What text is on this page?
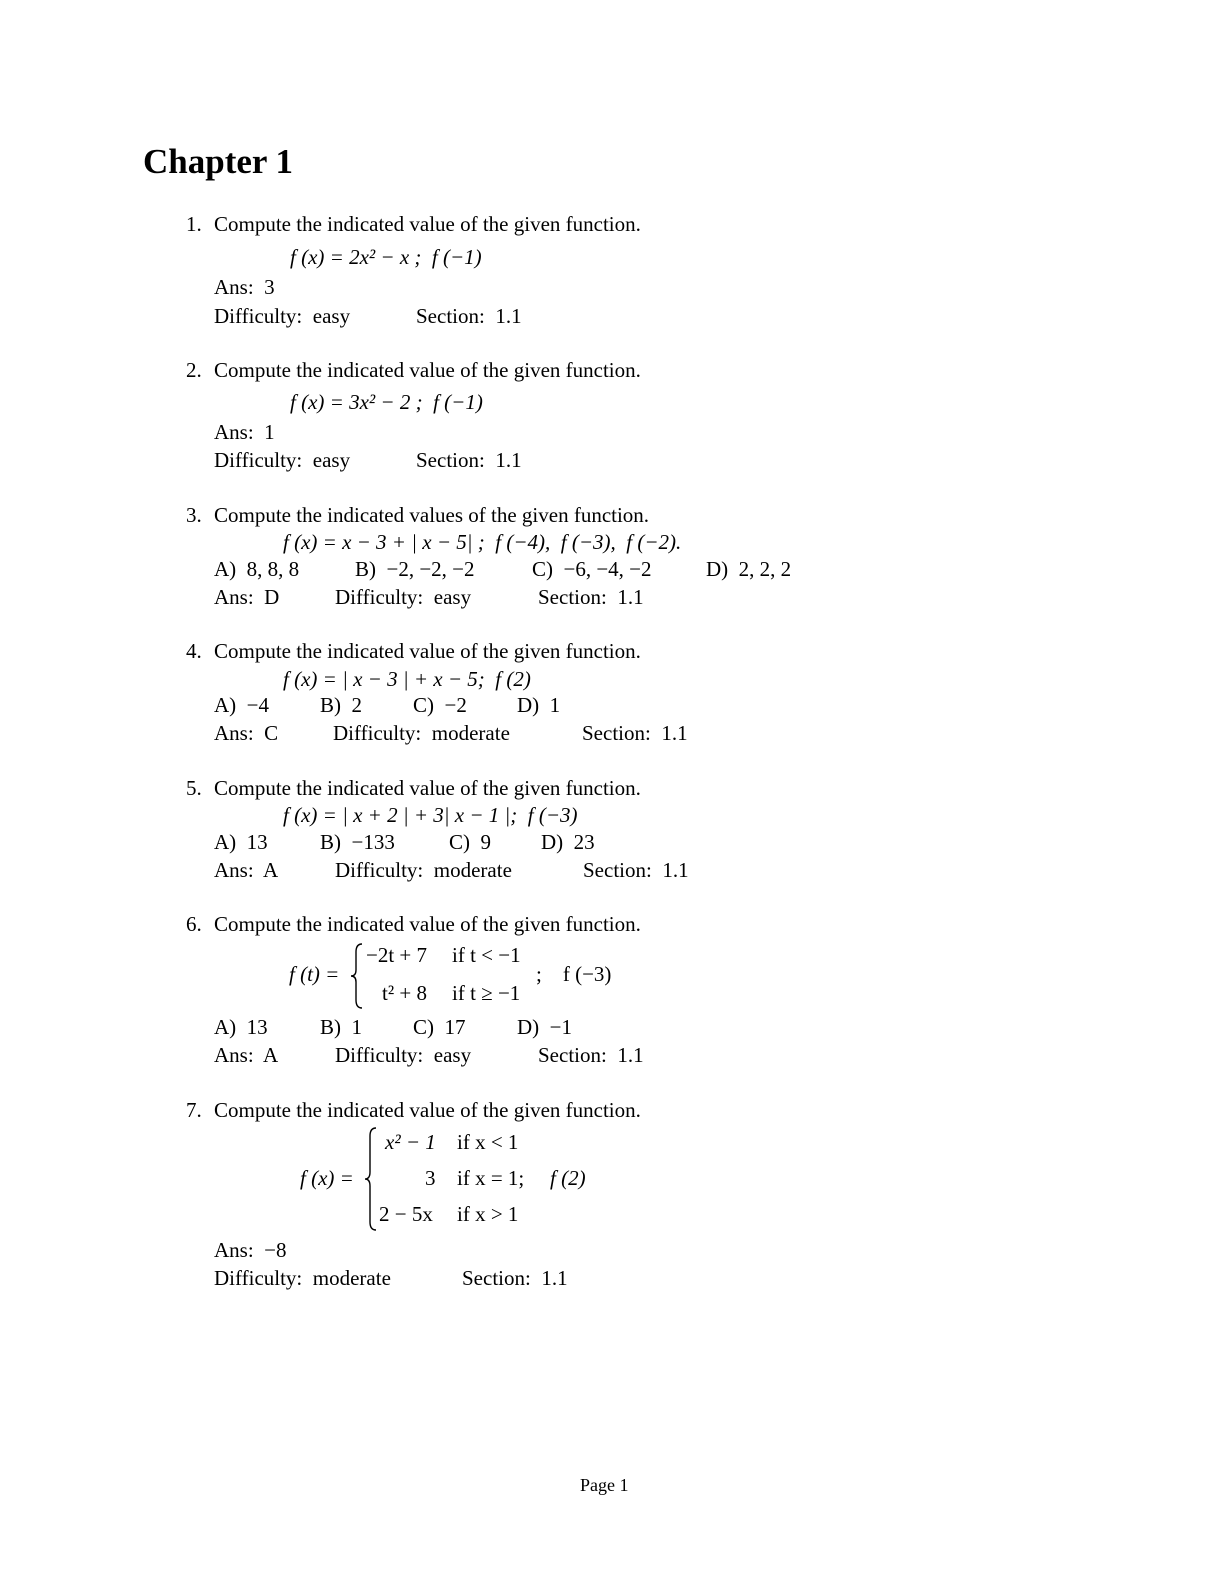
Chapter 1
1. Compute the indicated value of the given function.
f (x) = 2x² − x ;  f (−1)
Ans:  3
Difficulty:  easy	Section:  1.1
2. Compute the indicated value of the given function.
f (x) = 3x² − 2 ;  f (−1)
Ans:  1
Difficulty:  easy	Section:  1.1
3. Compute the indicated values of the given function.
f (x) = x − 3 + | x − 5| ;  f (−4),  f (−3),  f (−2).
A)  8, 8, 8	B)  −2, −2, −2	C)  −6, −4, −2	D)  2, 2, 2
Ans:  D	Difficulty:  easy	Section:  1.1
4. Compute the indicated value of the given function.
f (x) = | x − 3 | + x − 5;  f (2)
A)  −4 B)  2 C)  −2 D)  1
Ans:  C	Difficulty:  moderate	Section:  1.1
5. Compute the indicated value of the given function.
f (x) = | x + 2 | + 3| x − 1 |;  f (−3)
A)  13 B)  −133	C)  9 D)  23
Ans:  A	Difficulty:  moderate	Section:  1.1
6. Compute the indicated value of the given function.
f (t) =
−2t + 7 if t < −1
t² + 8 if t ≥ −1
;    f (−3)
A)  13 B)  1 C)  17 D)  −1
Ans:  A	Difficulty:  easy	Section:  1.1
7. Compute the indicated value of the given function.
f (x) =
x² − 1 if x < 1
3 if x = 1; f (2)
2 − 5x if x > 1
Ans:  −8
Difficulty:  moderate	Section:  1.1
Page 1
